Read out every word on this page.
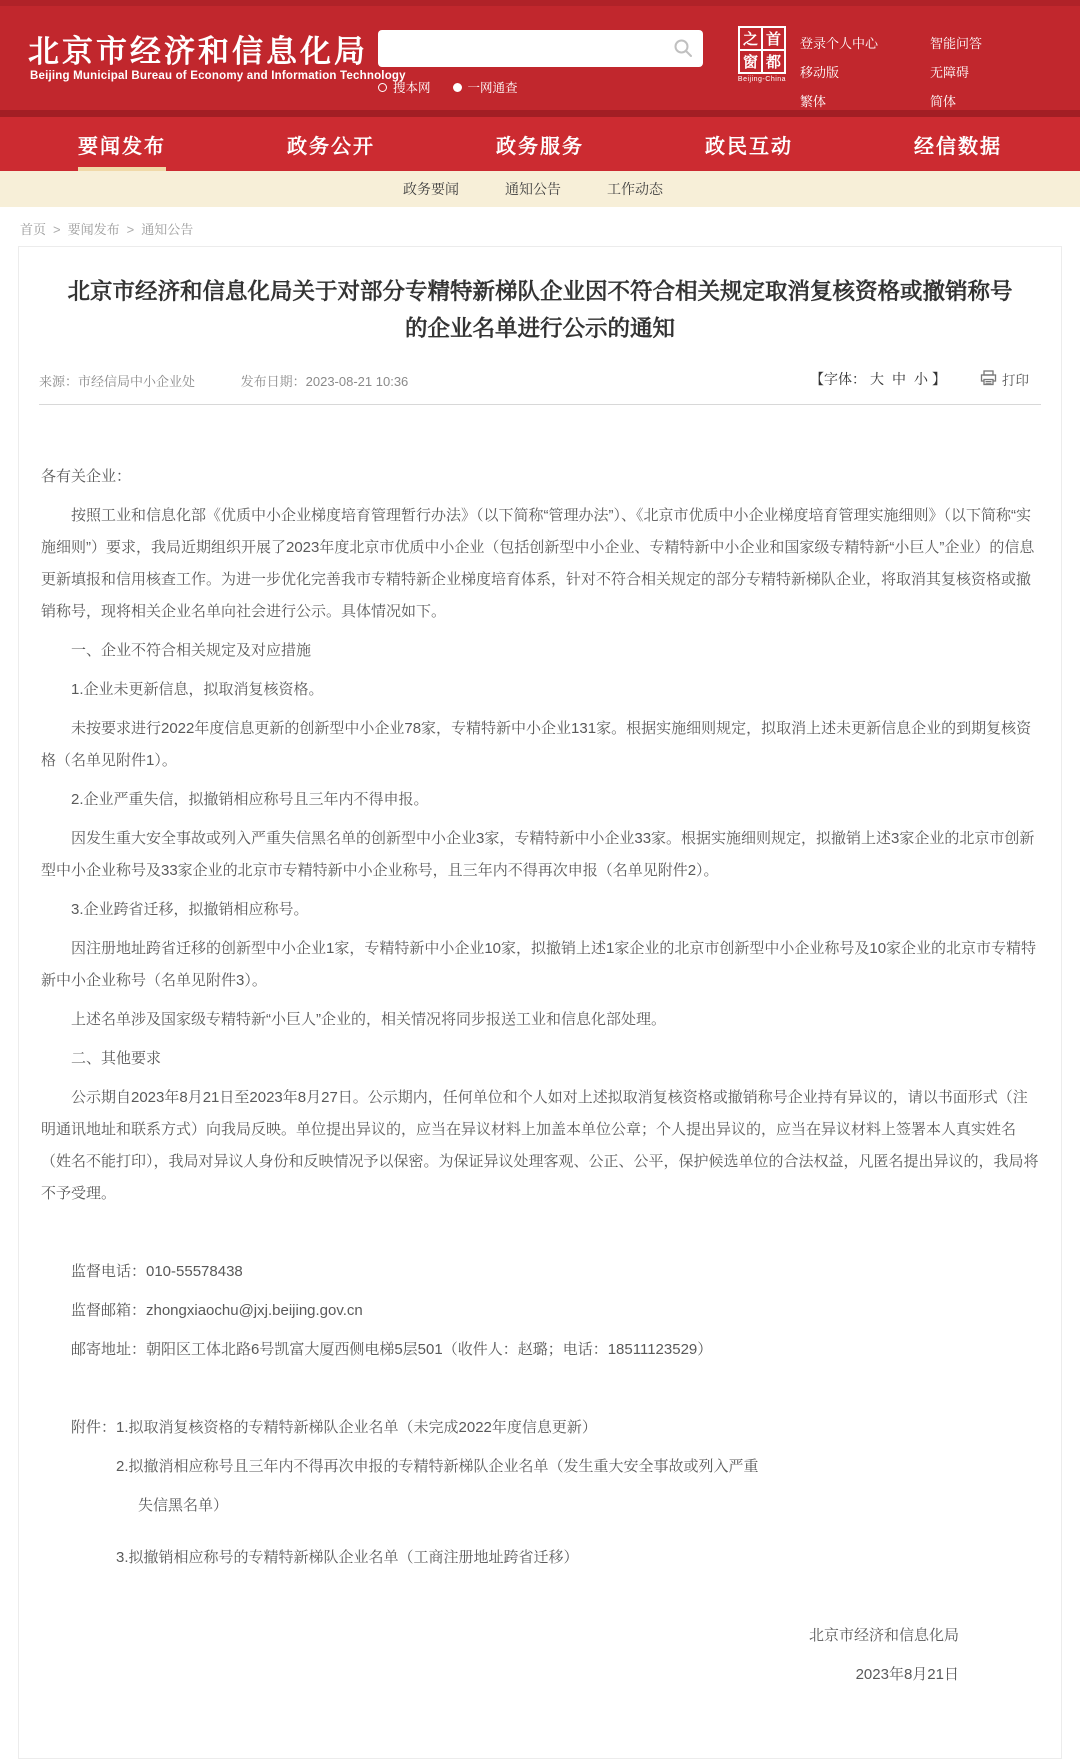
北京市经济和信息化局
Beijing Municipal Bureau of Economy and Information Technology
搜本网	一网通查
之 首
窗 都
Beijing-China
登录个人中心	智能问答
移动版	无障碍
繁体	简体
要闻发布	政务公开	政务服务	政民互动	经信数据
政务要闻	通知公告	工作动态
首页 > 要闻发布 > 通知公告
北京市经济和信息化局关于对部分专精特新梯队企业因不符合相关规定取消复核资格或撤销称号的企业名单进行公示的通知
来源：市经信局中小企业处	发布日期：2023-08-21 10:36	【字体： 大 中 小 】	打印

各有关企业：

按照工业和信息化部《优质中小企业梯度培育管理暂行办法》（以下简称“管理办法”）、《北京市优质中小企业梯度培育管理实施细则》（以下简称“实施细则”）要求，我局近期组织开展了2023年度北京市优质中小企业（包括创新型中小企业、专精特新中小企业和国家级专精特新“小巨人”企业）的信息更新填报和信用核查工作。为进一步优化完善我市专精特新企业梯度培育体系，针对不符合相关规定的部分专精特新梯队企业，将取消其复核资格或撤销称号，现将相关企业名单向社会进行公示。具体情况如下。

一、企业不符合相关规定及对应措施

1.企业未更新信息，拟取消复核资格。

未按要求进行2022年度信息更新的创新型中小企业78家，专精特新中小企业131家。根据实施细则规定，拟取消上述未更新信息企业的到期复核资格（名单见附件1）。

2.企业严重失信，拟撤销相应称号且三年内不得申报。

因发生重大安全事故或列入严重失信黑名单的创新型中小企业3家，专精特新中小企业33家。根据实施细则规定，拟撤销上述3家企业的北京市创新型中小企业称号及33家企业的北京市专精特新中小企业称号，且三年内不得再次申报（名单见附件2）。

3.企业跨省迁移，拟撤销相应称号。

因注册地址跨省迁移的创新型中小企业1家，专精特新中小企业10家，拟撤销上述1家企业的北京市创新型中小企业称号及10家企业的北京市专精特新中小企业称号（名单见附件3）。

上述名单涉及国家级专精特新“小巨人”企业的，相关情况将同步报送工业和信息化部处理。

二、其他要求

公示期自2023年8月21日至2023年8月27日。公示期内，任何单位和个人如对上述拟取消复核资格或撤销称号企业持有异议的，请以书面形式（注明通讯地址和联系方式）向我局反映。单位提出异议的，应当在异议材料上加盖本单位公章；个人提出异议的，应当在异议材料上签署本人真实姓名（姓名不能打印），我局对异议人身份和反映情况予以保密。为保证异议处理客观、公正、公平，保护候选单位的合法权益，凡匿名提出异议的，我局将不予受理。

监督电话：010-55578438

监督邮箱：zhongxiaochu@jxj.beijing.gov.cn

邮寄地址：朝阳区工体北路6号凯富大厦西侧电梯5层501（收件人：赵璐；电话：18511123529）

附件：1.拟取消复核资格的专精特新梯队企业名单（未完成2022年度信息更新）

2.拟撤消相应称号且三年内不得再次申报的专精特新梯队企业名单（发生重大安全事故或列入严重

失信黑名单）

3.拟撤销相应称号的专精特新梯队企业名单（工商注册地址跨省迁移）

北京市经济和信息化局

2023年8月21日
